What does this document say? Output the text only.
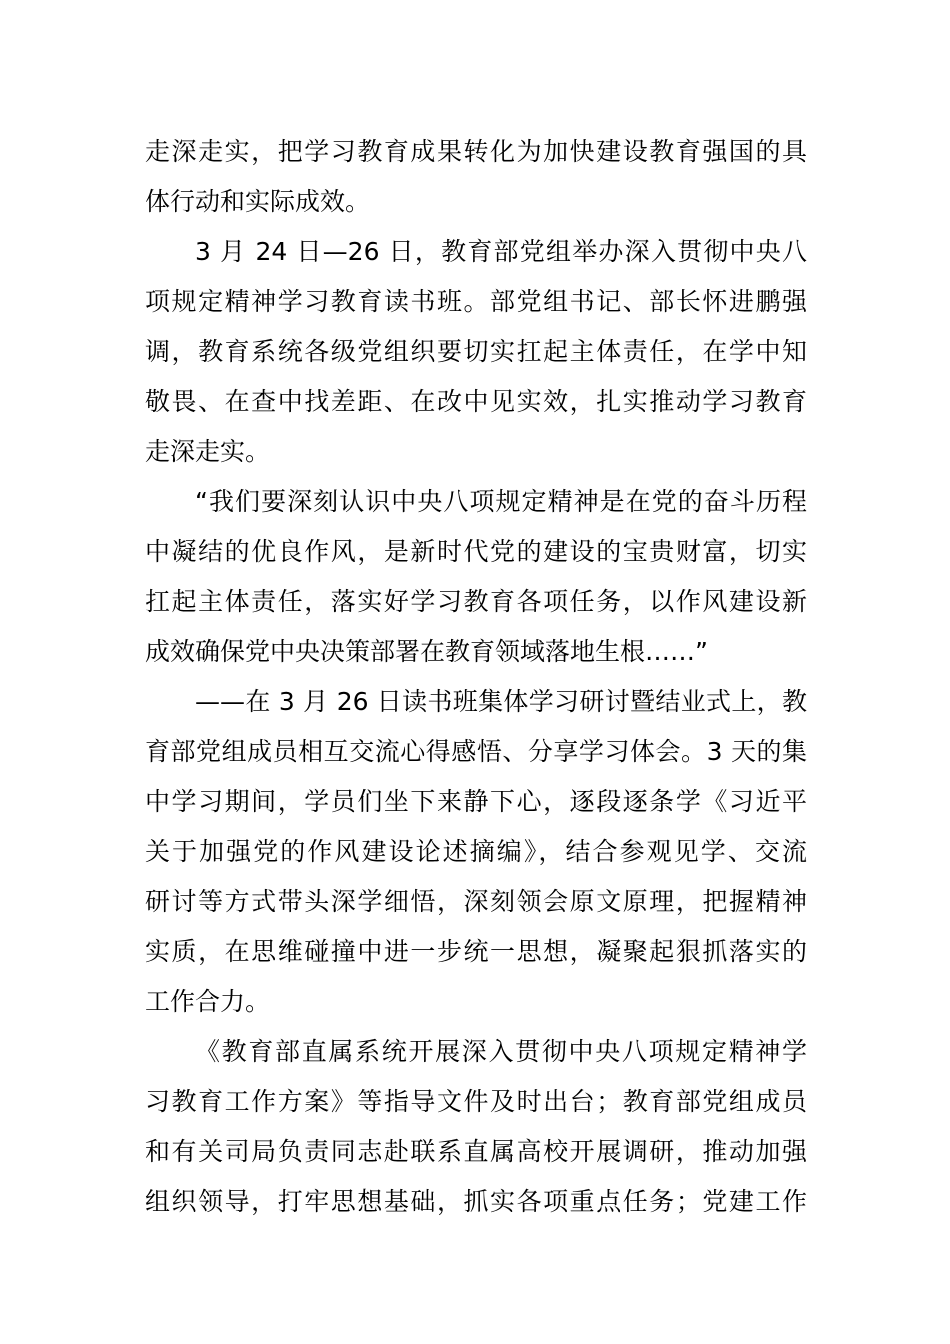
走深走实，把学习教育成果转化为加快建设教育强国的具
体行动和实际成效。
3 月 24 日—26 日，教育部党组举办深入贯彻中央八
项规定精神学习教育读书班。部党组书记、部长怀进鹏强
调，教育系统各级党组织要切实扛起主体责任，在学中知
敬畏、在查中找差距、在改中见实效，扎实推动学习教育
走深走实。
“我们要深刻认识中央八项规定精神是在党的奋斗历程
中凝结的优良作风，是新时代党的建设的宝贵财富，切实
扛起主体责任，落实好学习教育各项任务，以作风建设新
成效确保党中央决策部署在教育领域落地生根……”
——在 3 月 26 日读书班集体学习研讨暨结业式上，教
育部党组成员相互交流心得感悟、分享学习体会。3 天的集
中学习期间，学员们坐下来静下心，逐段逐条学《习近平
关于加强党的作风建设论述摘编》，结合参观见学、交流
研讨等方式带头深学细悟，深刻领会原文原理，把握精神
实质，在思维碰撞中进一步统一思想，凝聚起狠抓落实的
工作合力。
《教育部直属系统开展深入贯彻中央八项规定精神学
习教育工作方案》等指导文件及时出台；教育部党组成员
和有关司局负责同志赴联系直属高校开展调研，推动加强
组织领导，打牢思想基础，抓实各项重点任务；党建工作
